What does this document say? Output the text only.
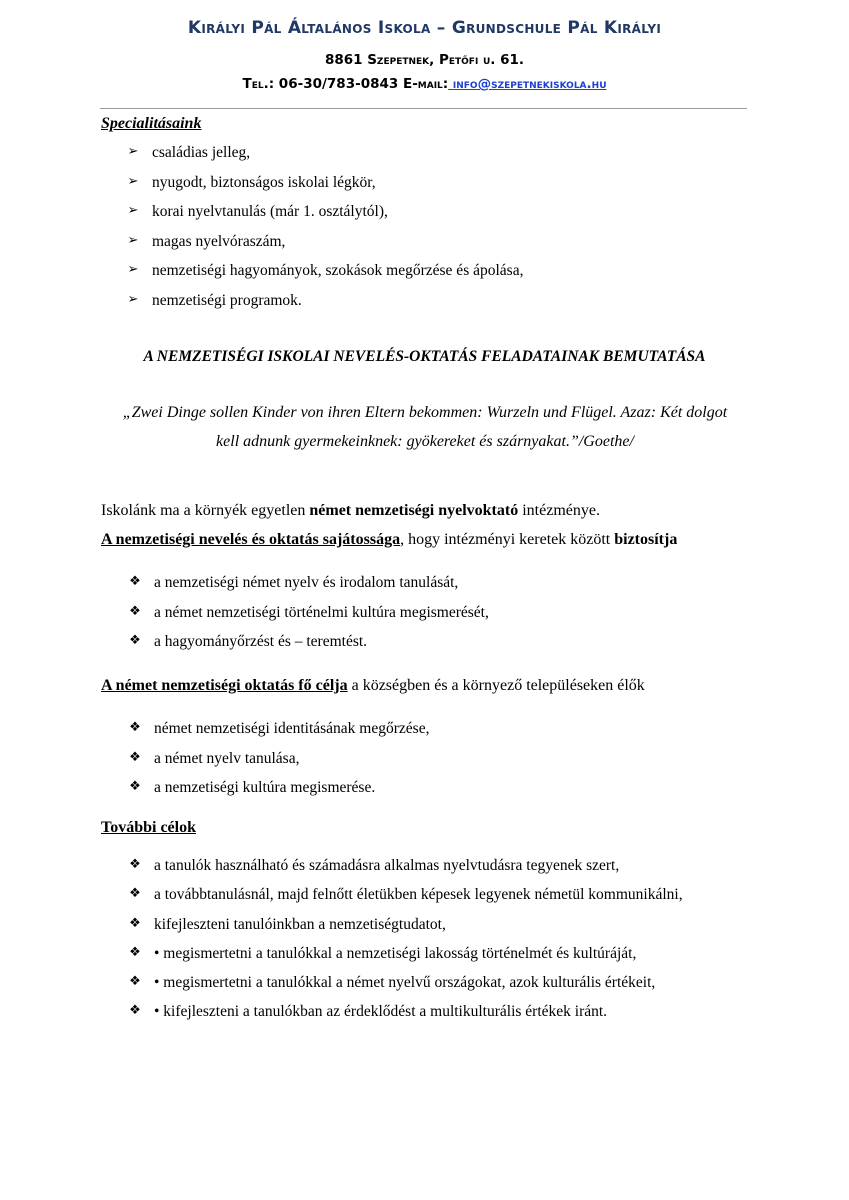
Királyi Pál Általános Iskola – Grundschule Pál Királyi

8861 Szepetnek, Petőfi u. 61.

Tel.: 06-30/783-0843 E-mail: info@szepetnekiskola.hu

Specialitásaink
➢ családias jelleg,
➢ nyugodt, biztonságos iskolai légkör,
➢ korai nyelvtanulás (már 1. osztálytól),
➢ magas nyelvóraszám,
➢ nemzetiségi hagyományok, szokások megőrzése és ápolása,
➢ nemzetiségi programok.
A NEMZETISÉGI ISKOLAI NEVELÉS-OKTATÁS FELADATAINAK BEMUTATÁSA
„Zwei Dinge sollen Kinder von ihren Eltern bekommen: Wurzeln und Flügel. Azaz: Két dolgot
kell adnunk gyermekeinknek: gyökereket és szárnyakat.”/Goethe/
Iskolánk ma a környék egyetlen német nemzetiségi nyelvoktató intézménye.
A nemzetiségi nevelés és oktatás sajátossága, hogy intézményi keretek között biztosítja
❖ a nemzetiségi német nyelv és irodalom tanulását,
❖ a német nemzetiségi történelmi kultúra megismerését,
❖ a hagyományőrzést és – teremtést.
A német nemzetiségi oktatás fő célja a községben és a környező településeken élők
❖ német nemzetiségi identitásának megőrzése,
❖ a német nyelv tanulása,
❖ a nemzetiségi kultúra megismerése.
További célok
❖ a tanulók használható és számadásra alkalmas nyelvtudásra tegyenek szert,
❖ a továbbtanulásnál, majd felnőtt életükben képesek legyenek németül kommunikálni,
❖ kifejleszteni tanulóinkban a nemzetiségtudatot,
❖ • megismertetni a tanulókkal a nemzetiségi lakosság történelmét és kultúráját,
❖ • megismertetni a tanulókkal a német nyelvű országokat, azok kulturális értékeit,
❖ • kifejleszteni a tanulókban az érdeklődést a multikulturális értékek iránt.
